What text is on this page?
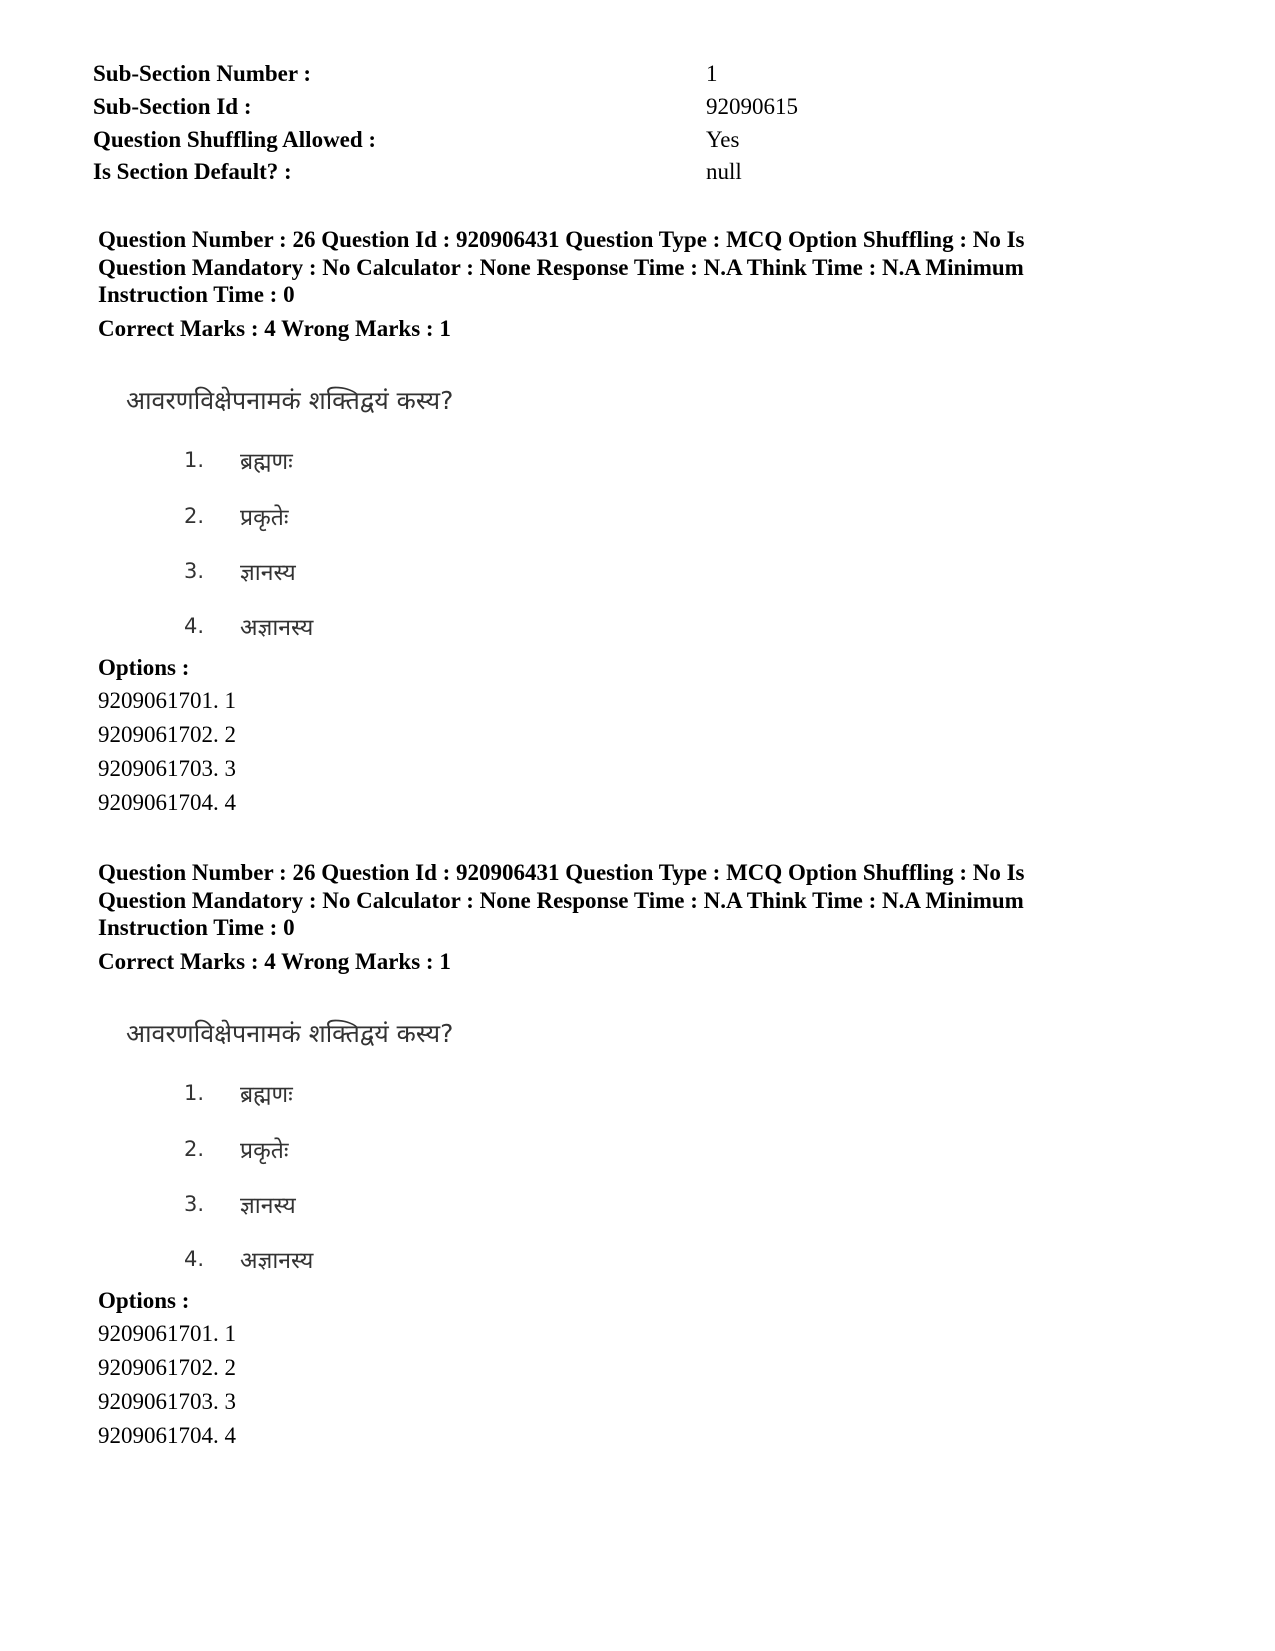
Sub-Section Number :	1
Sub-Section Id :	92090615
Question Shuffling Allowed :	Yes
Is Section Default? :	null

Question Number : 26 Question Id : 920906431 Question Type : MCQ Option Shuffling : No Is Question Mandatory : No Calculator : None Response Time : N.A Think Time : N.A Minimum Instruction Time : 0

Correct Marks : 4 Wrong Marks : 1
आवरणविक्षेपनामकं शक्तिद्वयं कस्य?
1. ब्रह्मणः
2. प्रकृतेः
3. ज्ञानस्य
4. अज्ञानस्य
Options :
9209061701. 1
9209061702. 2
9209061703. 3
9209061704. 4

Question Number : 26 Question Id : 920906431 Question Type : MCQ Option Shuffling : No Is Question Mandatory : No Calculator : None Response Time : N.A Think Time : N.A Minimum Instruction Time : 0

Correct Marks : 4 Wrong Marks : 1
आवरणविक्षेपनामकं शक्तिद्वयं कस्य?
1. ब्रह्मणः
2. प्रकृतेः
3. ज्ञानस्य
4. अज्ञानस्य
Options :
9209061701. 1
9209061702. 2
9209061703. 3
9209061704. 4
